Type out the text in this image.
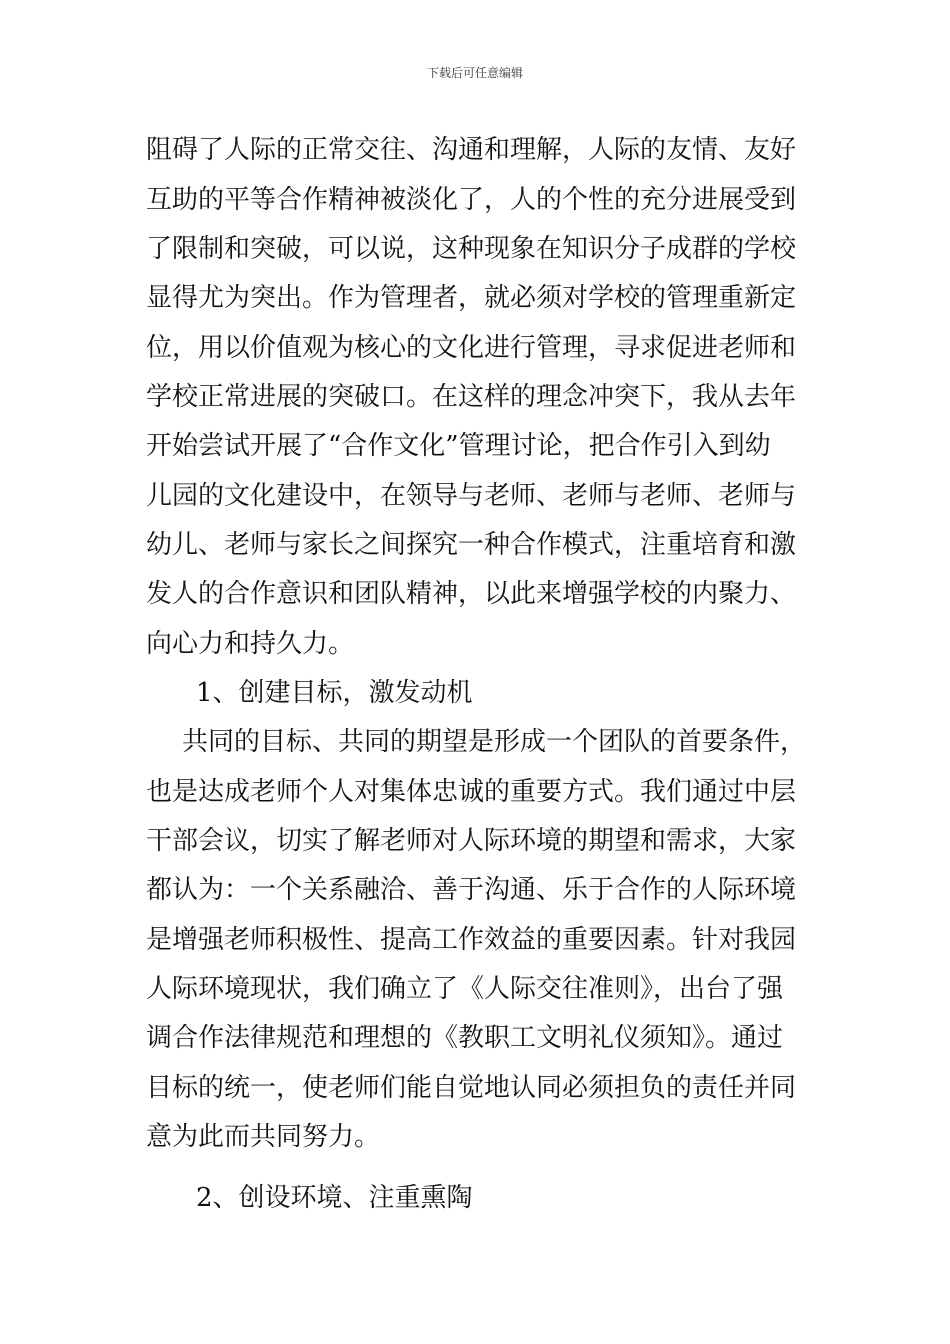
下载后可任意编辑
阻碍了人际的正常交往、沟通和理解，人际的友情、友好
互助的平等合作精神被淡化了，人的个性的充分进展受到
了限制和突破，可以说，这种现象在知识分子成群的学校
显得尤为突出。作为管理者，就必须对学校的管理重新定
位，用以价值观为核心的文化进行管理，寻求促进老师和
学校正常进展的突破口。在这样的理念冲突下，我从去年
开始尝试开展了“合作文化”管理讨论，把合作引入到幼
儿园的文化建设中，在领导与老师、老师与老师、老师与
幼儿、老师与家长之间探究一种合作模式，注重培育和激
发人的合作意识和团队精神，以此来增强学校的内聚力、
向心力和持久力。
1、创建目标，激发动机
共同的目标、共同的期望是形成一个团队的首要条件，
也是达成老师个人对集体忠诚的重要方式。我们通过中层
干部会议，切实了解老师对人际环境的期望和需求，大家
都认为：一个关系融洽、善于沟通、乐于合作的人际环境
是增强老师积极性、提高工作效益的重要因素。针对我园
人际环境现状，我们确立了《人际交往准则》，出台了强
调合作法律规范和理想的《教职工文明礼仪须知》。通过
目标的统一，使老师们能自觉地认同必须担负的责任并同
意为此而共同努力。
2、创设环境、注重熏陶
